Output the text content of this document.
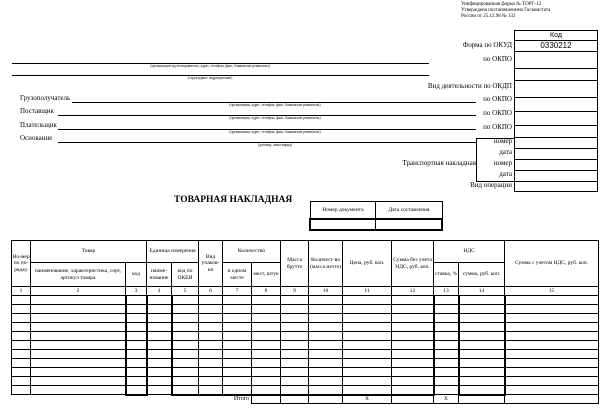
Унифицированная форма № ТОРГ-12
Утверждена постановлением Госкомстата
России от 25.12.98 № 132
Код
0330212
Форма по ОКУД
по ОКПО
Вид деятельности по ОКДП
по ОКПО
по ОКПО
по ОКПО
номер
дата
номер
Транспортная накладная
дата
Вид операции
(организация-грузоотправитель, адрес, телефон, факс, банковские реквизиты)
(структурное подразделение)
Грузополучатель
(организация, адрес, телефон, факс, банковские реквизиты)
Поставщик
(организация, адрес, телефон, факс, банковские реквизиты)
Плательщик
(организация, адрес, телефон, факс, банковские реквизиты)
Основание
(договор, заказ-наряд)
ТОВАРНАЯ НАКЛАДНАЯ
Номер документа	Дата составления

Но-мер по по-рядку	Товар		Единица измерения		Вид упаков-ки	Количество		Масса брутто	Количест-во (масса нетто)	Цена, руб. коп.	Сумма без учета НДС, руб. коп.	НДС		Сумма с учетом НДС, руб. коп.
	наименование, характеристика, сорт, артикул товара	код	наиме-нование	код по ОКЕИ		в одном месте	мест, штук					ставка, %	сумма, руб. коп.	
1	2	3	4	5	6	7	8	9	10	11	12	13	14	15

Итого										X		X		
